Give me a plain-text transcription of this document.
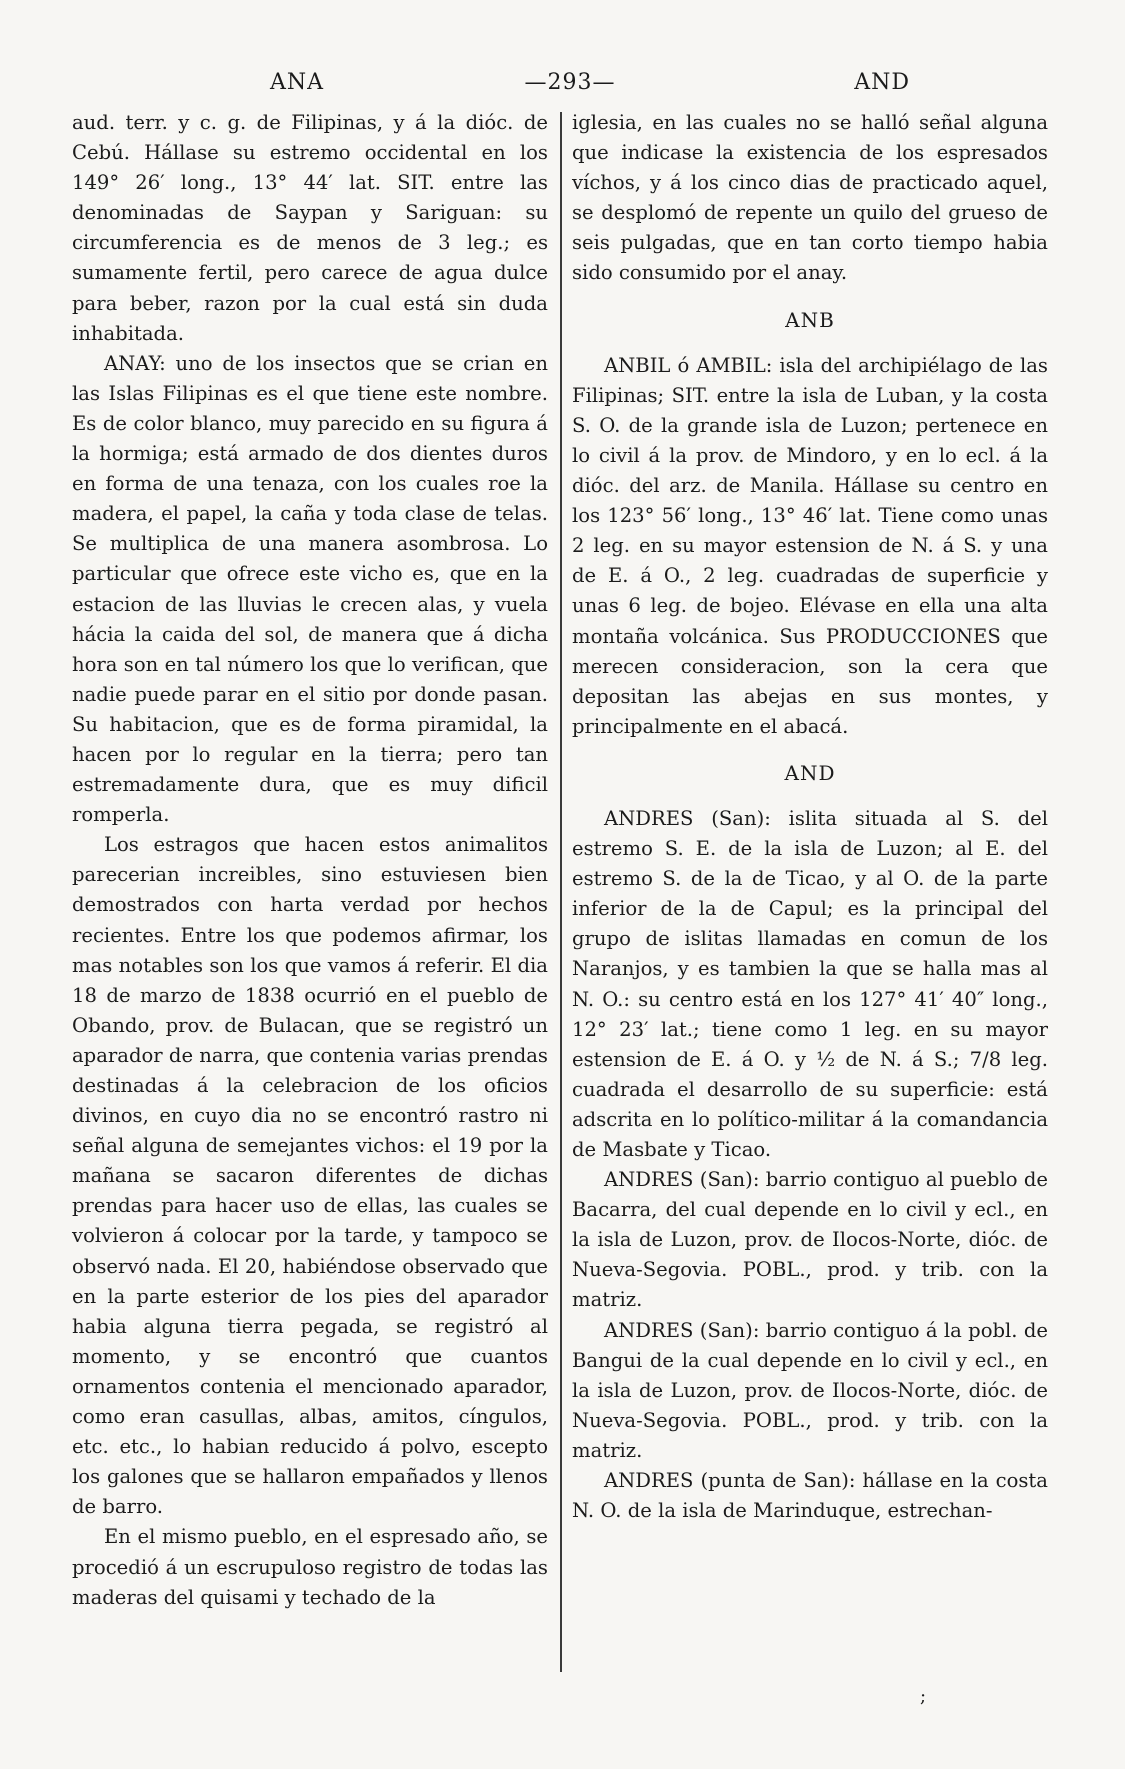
ANA	—293—	AND

aud. terr. y c. g. de Filipinas, y á la dióc. de Cebú. Hállase su estremo occidental en los 149° 26′ long., 13° 44′ lat. SIT. entre las denominadas de Saypan y Sariguan: su circumferencia es de menos de 3 leg.; es sumamente fertil, pero carece de agua dulce para beber, razon por la cual está sin duda inhabitada.

ANAY: uno de los insectos que se crian en las Islas Filipinas es el que tiene este nombre. Es de color blanco, muy parecido en su figura á la hormiga; está armado de dos dientes duros en forma de una tenaza, con los cuales roe la madera, el papel, la caña y toda clase de telas. Se multiplica de una manera asombrosa. Lo particular que ofrece este vicho es, que en la estacion de las lluvias le crecen alas, y vuela hácia la caida del sol, de manera que á dicha hora son en tal número los que lo verifican, que nadie puede parar en el sitio por donde pasan. Su habitacion, que es de forma piramidal, la hacen por lo regular en la tierra; pero tan estremadamente dura, que es muy dificil romperla.

Los estragos que hacen estos animalitos parecerian increibles, sino estuviesen bien demostrados con harta verdad por hechos recientes. Entre los que podemos afirmar, los mas notables son los que vamos á referir. El dia 18 de marzo de 1838 ocurrió en el pueblo de Obando, prov. de Bulacan, que se registró un aparador de narra, que contenia varias prendas destinadas á la celebracion de los oficios divinos, en cuyo dia no se encontró rastro ni señal alguna de semejantes vichos: el 19 por la mañana se sacaron diferentes de dichas prendas para hacer uso de ellas, las cuales se volvieron á colocar por la tarde, y tampoco se observó nada. El 20, habiéndose observado que en la parte esterior de los pies del aparador habia alguna tierra pegada, se registró al momento, y se encontró que cuantos ornamentos contenia el mencionado aparador, como eran casullas, albas, amitos, cíngulos, etc. etc., lo habian reducido á polvo, escepto los galones que se hallaron empañados y llenos de barro.

En el mismo pueblo, en el espresado año, se procedió á un escrupuloso registro de todas las maderas del quisami y techado de la

iglesia, en las cuales no se halló señal alguna que indicase la existencia de los espresados víchos, y á los cinco dias de practicado aquel, se desplomó de repente un quilo del grueso de seis pulgadas, que en tan corto tiempo habia sido consumido por el anay.

ANB

ANBIL ó AMBIL: isla del archipiélago de las Filipinas; SIT. entre la isla de Luban, y la costa S. O. de la grande isla de Luzon; pertenece en lo civil á la prov. de Mindoro, y en lo ecl. á la dióc. del arz. de Manila. Hállase su centro en los 123° 56′ long., 13° 46′ lat. Tiene como unas 2 leg. en su mayor estension de N. á S. y una de E. á O., 2 leg. cuadradas de superficie y unas 6 leg. de bojeo. Elévase en ella una alta montaña volcánica. Sus PRODUCCIONES que merecen consideracion, son la cera que depositan las abejas en sus montes, y principalmente en el abacá.

AND

ANDRES (San): islita situada al S. del estremo S. E. de la isla de Luzon; al E. del estremo S. de la de Ticao, y al O. de la parte inferior de la de Capul; es la principal del grupo de islitas llamadas en comun de los Naranjos, y es tambien la que se halla mas al N. O.: su centro está en los 127° 41′ 40″ long., 12° 23′ lat.; tiene como 1 leg. en su mayor estension de E. á O. y ½ de N. á S.; 7/8 leg. cuadrada el desarrollo de su superficie: está adscrita en lo político-militar á la comandancia de Masbate y Ticao.

ANDRES (San): barrio contiguo al pueblo de Bacarra, del cual depende en lo civil y ecl., en la isla de Luzon, prov. de Ilocos-Norte, dióc. de Nueva-Segovia. POBL., prod. y trib. con la matriz.

ANDRES (San): barrio contiguo á la pobl. de Bangui de la cual depende en lo civil y ecl., en la isla de Luzon, prov. de Ilocos-Norte, dióc. de Nueva-Segovia. POBL., prod. y trib. con la matriz.

ANDRES (punta de San): hállase en la costa N. O. de la isla de Marinduque, estrechan-

;
